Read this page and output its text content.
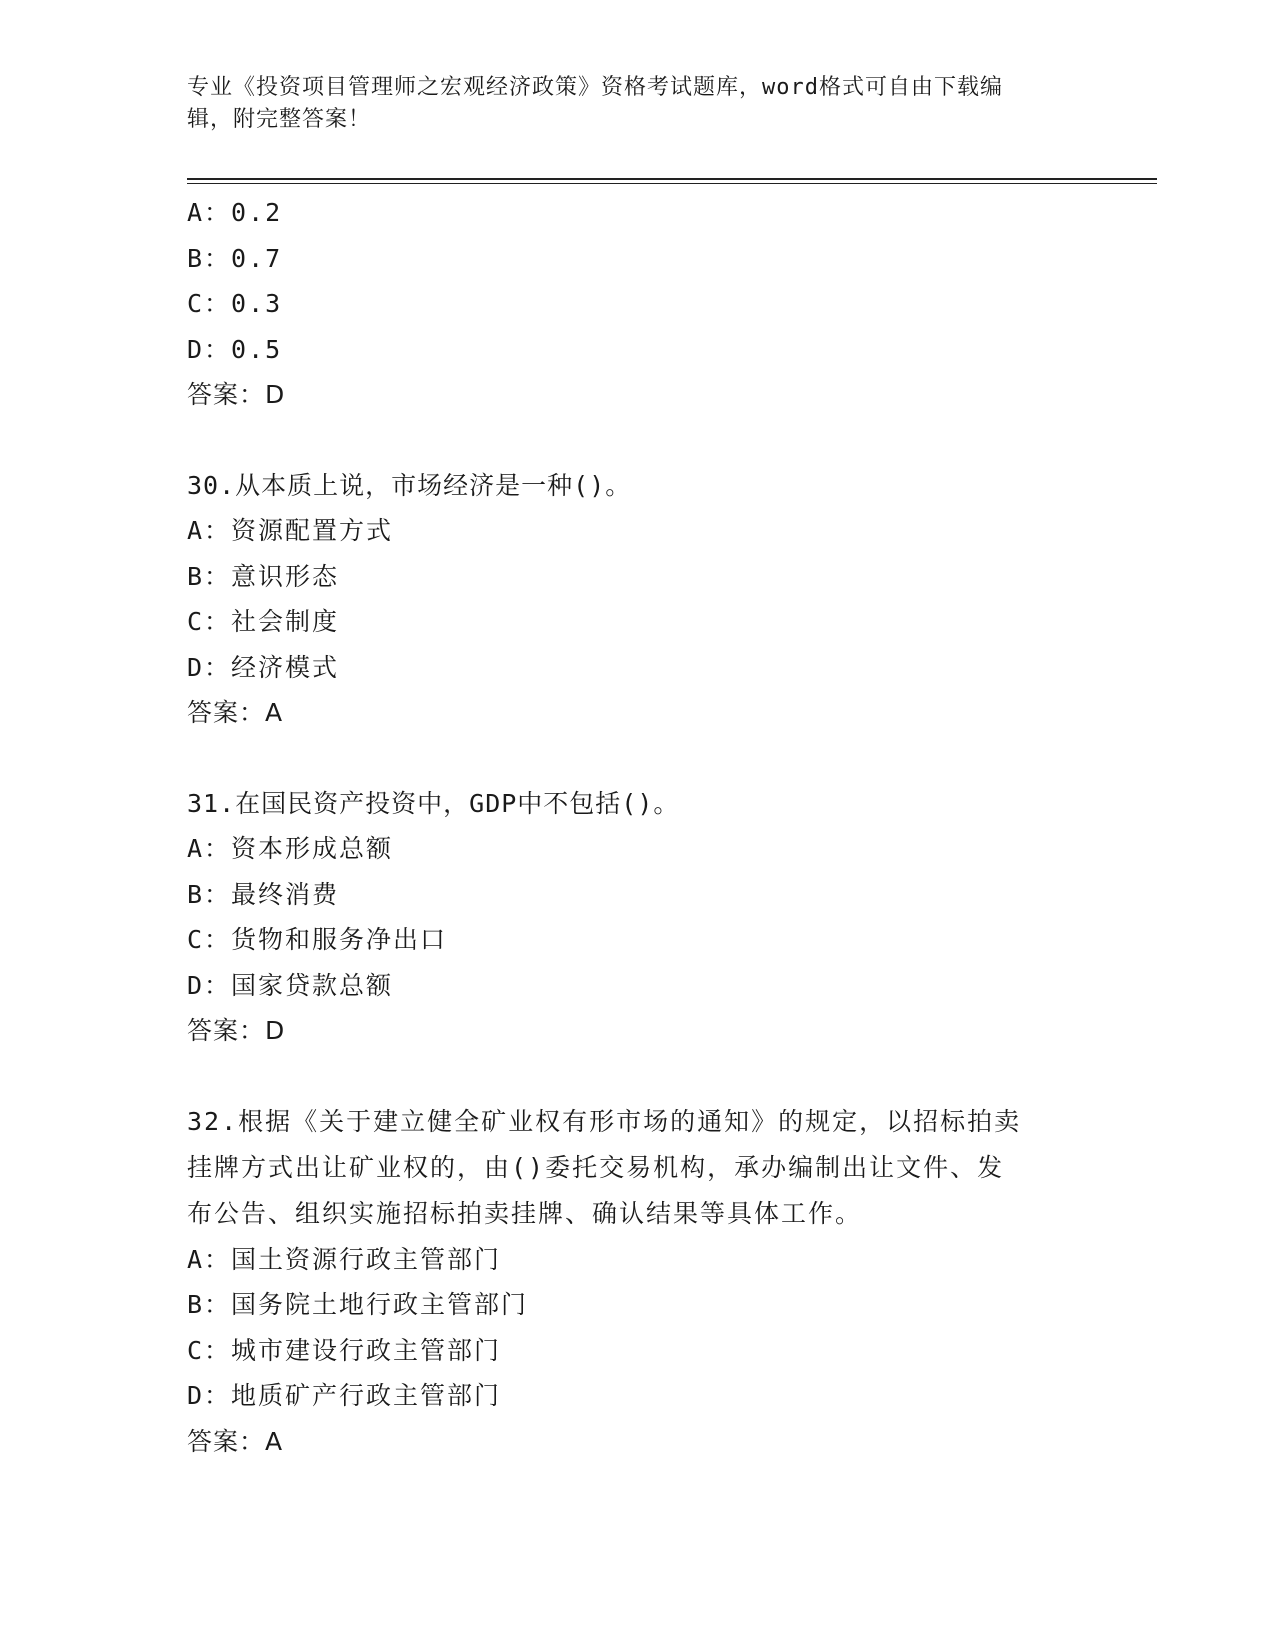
专业《投资项目管理师之宏观经济政策》资格考试题库，word格式可自由下载编
辑，附完整答案！

A：0.2
B：0.7
C：0.3
D：0.5
答案：D
30.从本质上说，市场经济是一种()。
A：资源配置方式
B：意识形态
C：社会制度
D：经济模式
答案：A
31.在国民资产投资中，GDP中不包括()。
A：资本形成总额
B：最终消费
C：货物和服务净出口
D：国家贷款总额
答案：D
32.根据《关于建立健全矿业权有形市场的通知》的规定，以招标拍卖
挂牌方式出让矿业权的，由()委托交易机构，承办编制出让文件、发
布公告、组织实施招标拍卖挂牌、确认结果等具体工作。
A：国土资源行政主管部门
B：国务院土地行政主管部门
C：城市建设行政主管部门
D：地质矿产行政主管部门
答案：A
